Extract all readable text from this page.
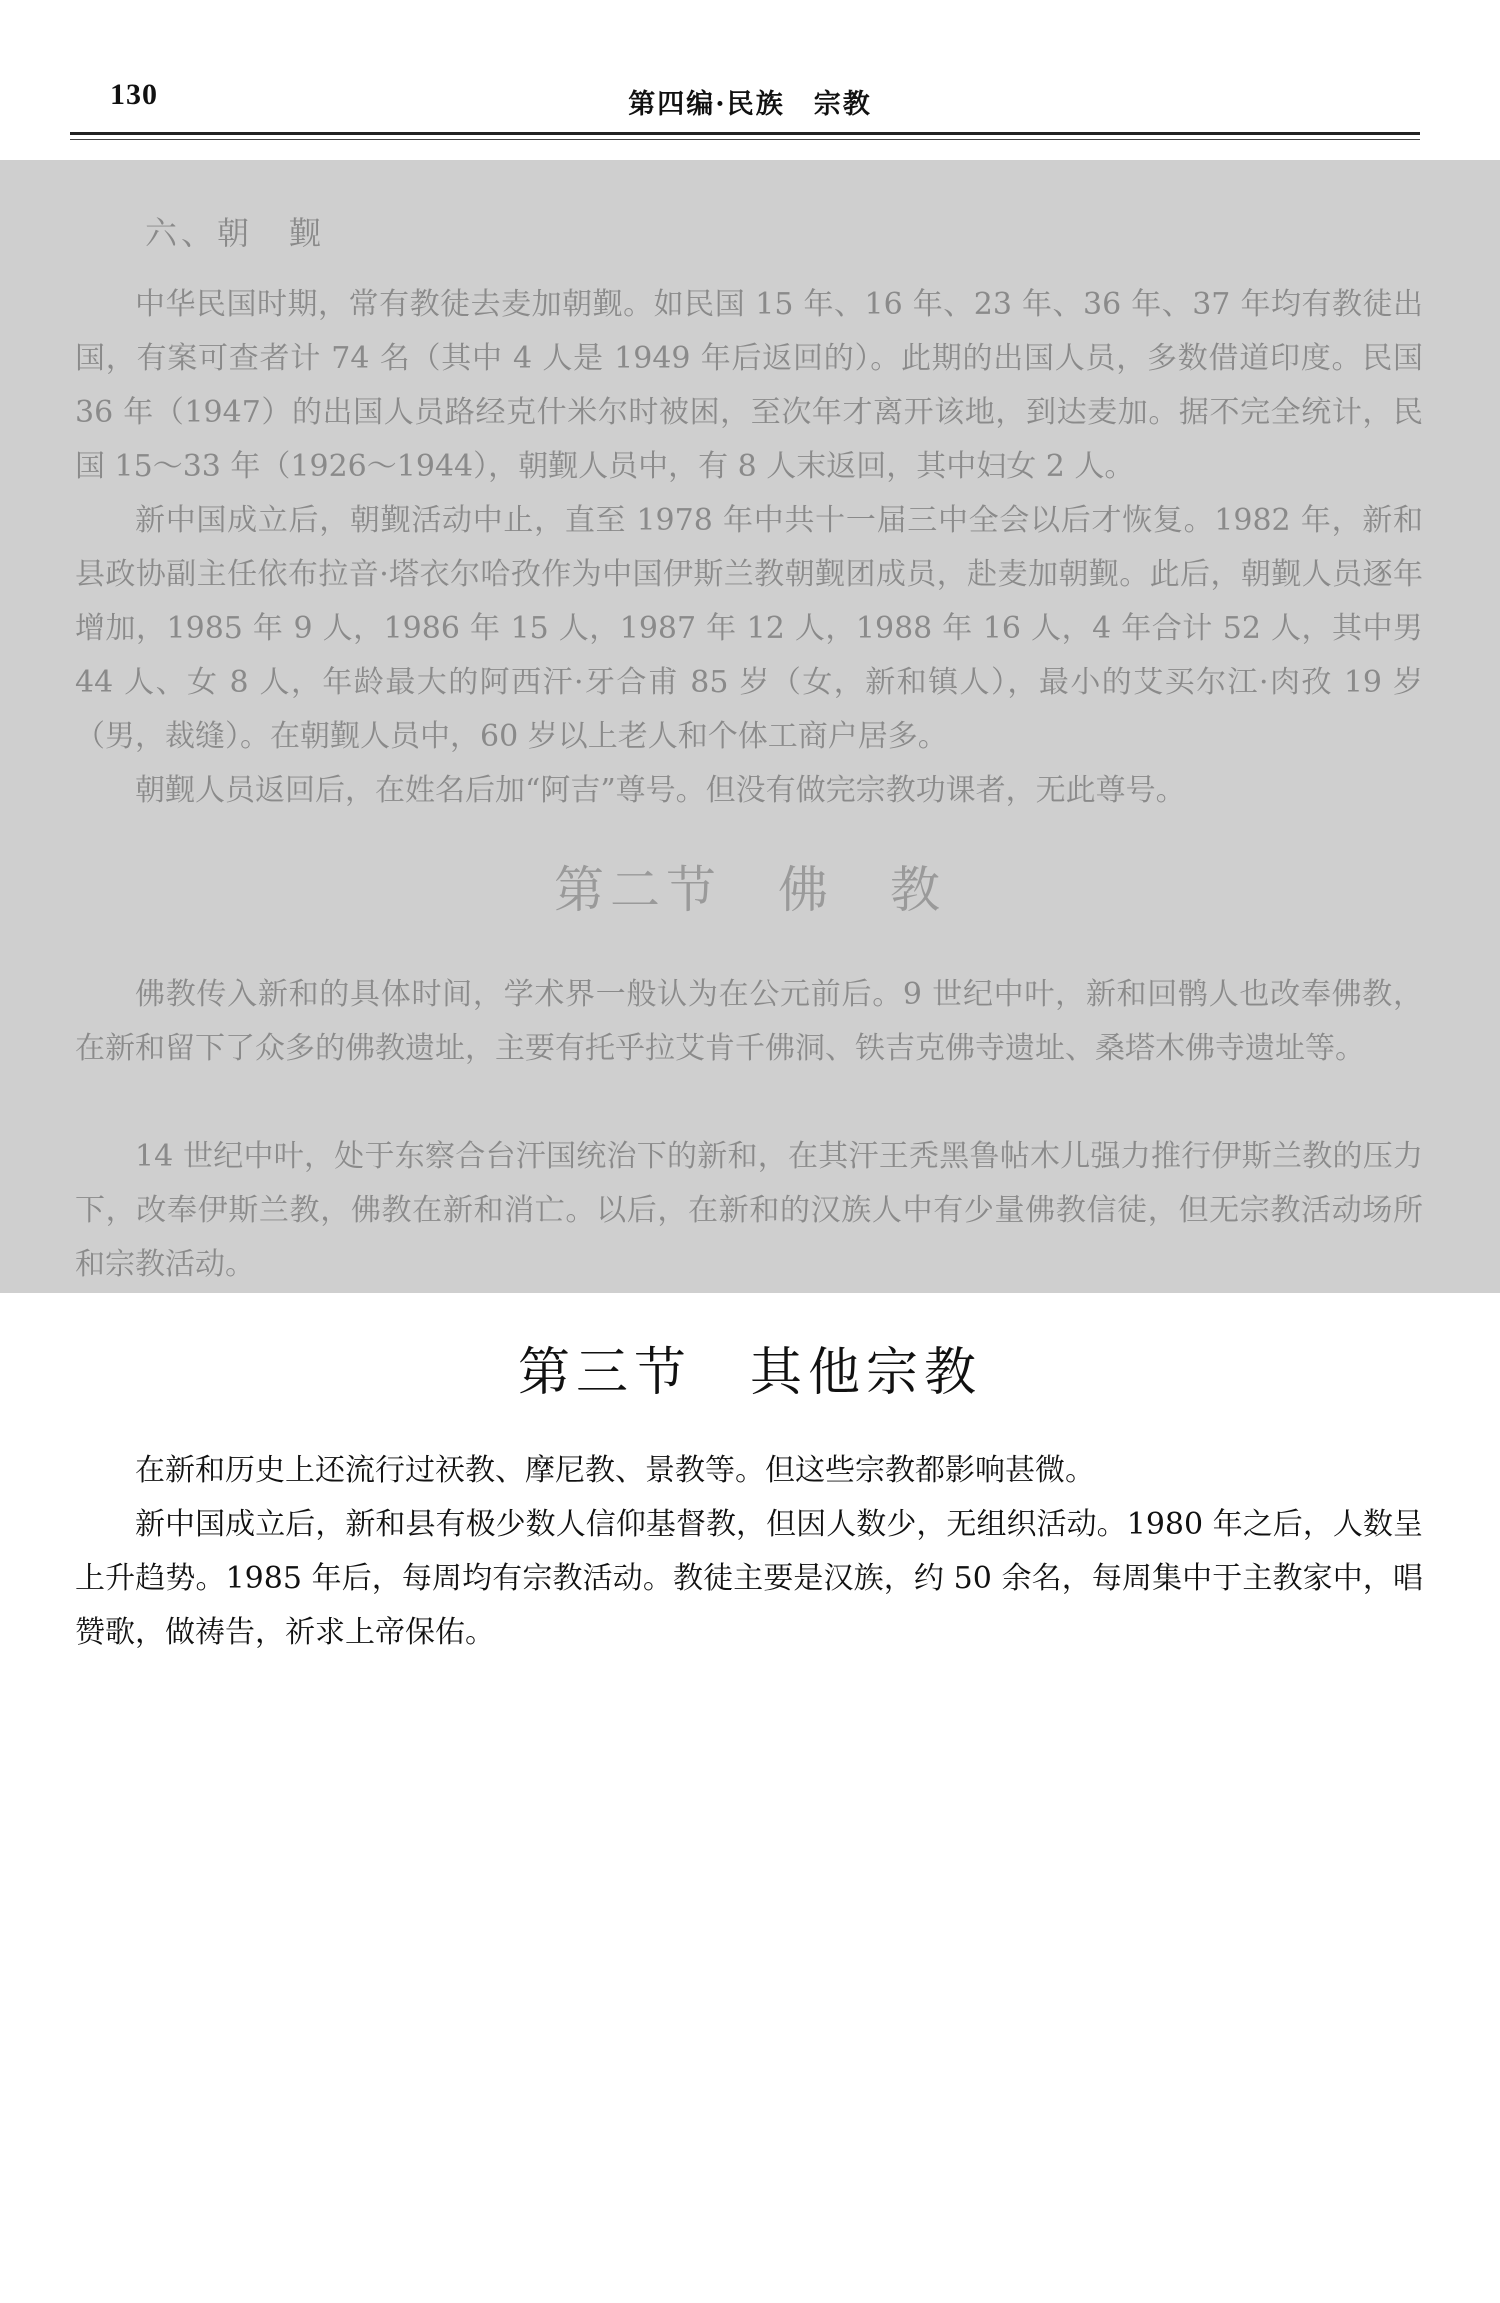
130	第四编·民族　宗教
六、朝　觐

中华民国时期，常有教徒去麦加朝觐。如民国 15 年、16 年、23 年、36 年、37 年均有教徒出国，有案可查者计 74 名（其中 4 人是 1949 年后返回的）。此期的出国人员，多数借道印度。民国 36 年（1947）的出国人员路经克什米尔时被困，至次年才离开该地，到达麦加。据不完全统计，民国 15～33 年（1926～1944），朝觐人员中，有 8 人末返回，其中妇女 2 人。

新中国成立后，朝觐活动中止，直至 1978 年中共十一届三中全会以后才恢复。1982 年，新和县政协副主任依布拉音·塔衣尔哈孜作为中国伊斯兰教朝觐团成员，赴麦加朝觐。此后，朝觐人员逐年增加，1985 年 9 人，1986 年 15 人，1987 年 12 人，1988 年 16 人，4 年合计 52 人，其中男 44 人、女 8 人，年龄最大的阿西汗·牙合甫 85 岁（女，新和镇人），最小的艾买尔江·肉孜 19 岁（男，裁缝）。在朝觐人员中，60 岁以上老人和个体工商户居多。

朝觐人员返回后，在姓名后加“阿吉”尊号。但没有做完宗教功课者，无此尊号。

第二节　佛　教

佛教传入新和的具体时间，学术界一般认为在公元前后。9 世纪中叶，新和回鹘人也改奉佛教，在新和留下了众多的佛教遗址，主要有托乎拉艾肯千佛洞、铁吉克佛寺遗址、桑塔木佛寺遗址等。

14 世纪中叶，处于东察合台汗国统治下的新和，在其汗王秃黑鲁帖木儿强力推行伊斯兰教的压力下，改奉伊斯兰教，佛教在新和消亡。以后，在新和的汉族人中有少量佛教信徒，但无宗教活动场所和宗教活动。

第三节　其他宗教

在新和历史上还流行过祆教、摩尼教、景教等。但这些宗教都影响甚微。

新中国成立后，新和县有极少数人信仰基督教，但因人数少，无组织活动。1980 年之后，人数呈上升趋势。1985 年后，每周均有宗教活动。教徒主要是汉族，约 50 余名，每周集中于主教家中，唱赞歌，做祷告，祈求上帝保佑。
